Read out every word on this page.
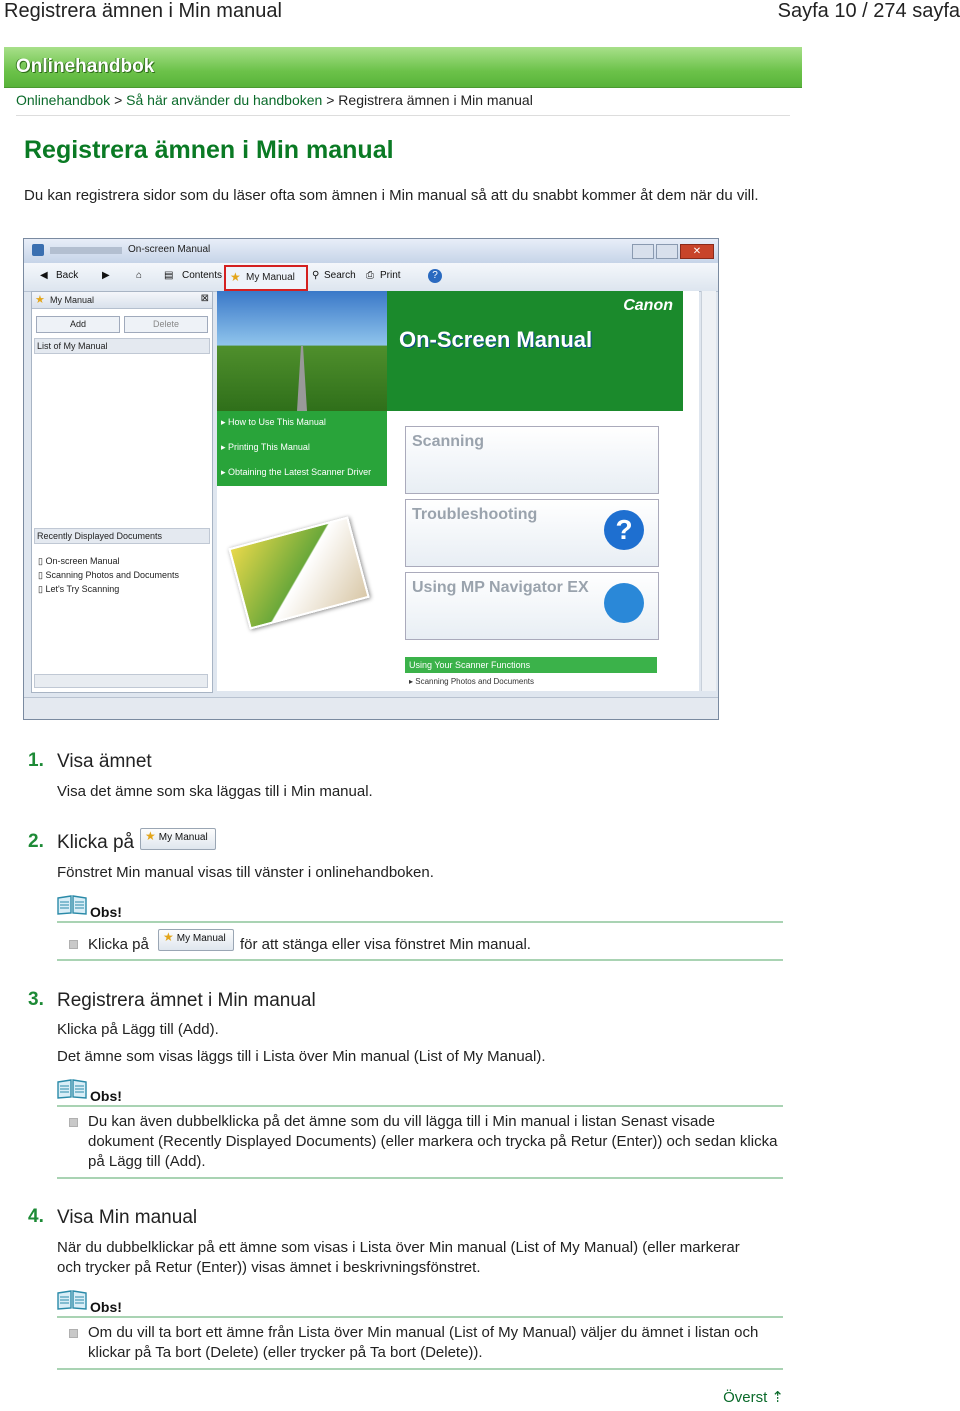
Registrera ämnen i Min manual	Sayfa 10 / 274 sayfa
Onlinehandbok
Onlinehandbok > Så här använder du handboken > Registrera ämnen i Min manual
Registrera ämnen i Min manual
Du kan registrera sidor som du läser ofta som ämnen i Min manual så att du snabbt kommer åt dem när du vill.
On-screen Manual	✕
◀ Back ▶	⌂ ▤ Contents ★ My Manual ⚲ Search ⎙ Print	?
★ My Manual	⊠
Add	Delete
List of My Manual
Recently Displayed Documents
▯ On-screen Manual
▯ Scanning Photos and Documents
▯ Let's Try Scanning
Canon
On-Screen Manual
▸ How to Use This Manual
▸ Printing This Manual
▸ Obtaining the Latest Scanner Driver
Scanning
Troubleshooting	?
Using MP Navigator EX
Using Your Scanner Functions
▸ Scanning Photos and Documents
1. Visa ämnet
Visa det ämne som ska läggas till i Min manual.
2. Klicka på ★ My Manual
Fönstret Min manual visas till vänster i onlinehandboken.
Obs!
Klicka på	★ My Manual för att stänga eller visa fönstret Min manual.
3. Registrera ämnet i Min manual
Klicka på Lägg till (Add).
Det ämne som visas läggs till i Lista över Min manual (List of My Manual).
Obs!
Du kan även dubbelklicka på det ämne som du vill lägga till i Min manual i listan Senast visade dokument (Recently Displayed Documents) (eller markera och trycka på Retur (Enter)) och sedan klicka på Lägg till (Add).
4. Visa Min manual
När du dubbelklickar på ett ämne som visas i Lista över Min manual (List of My Manual) (eller markerar och trycker på Retur (Enter)) visas ämnet i beskrivningsfönstret.
Obs!
Om du vill ta bort ett ämne från Lista över Min manual (List of My Manual) väljer du ämnet i listan och klickar på Ta bort (Delete) (eller trycker på Ta bort (Delete)).
Överst ⇡
